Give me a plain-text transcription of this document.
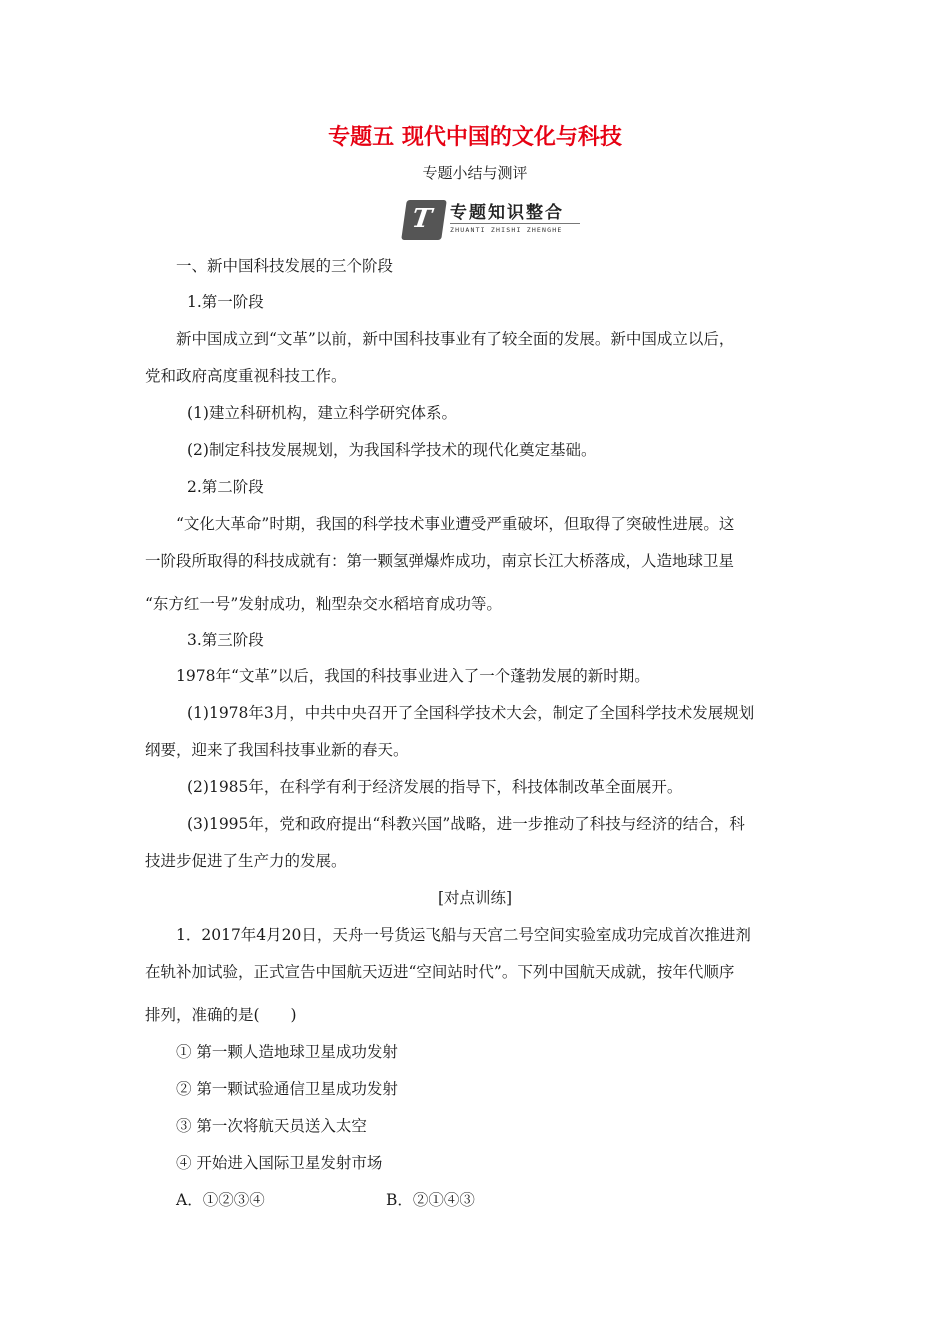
专题五 现代中国的文化与科技
专题小结与测评
T 专题知识整合
ZHUANTI ZHISHI ZHENGHE
一、新中国科技发展的三个阶段
1.第一阶段
新中国成立到“文革”以前，新中国科技事业有了较全面的发展。新中国成立以后，
党和政府高度重视科技工作。
(1)建立科研机构，建立科学研究体系。
(2)制定科技发展规划，为我国科学技术的现代化奠定基础。
2.第二阶段
“文化大革命”时期，我国的科学技术事业遭受严重破坏，但取得了突破性进展。这
一阶段所取得的科技成就有：第一颗氢弹爆炸成功，南京长江大桥落成，人造地球卫星
“东方红一号”发射成功，籼型杂交水稻培育成功等。
3.第三阶段
1978年“文革”以后，我国的科技事业进入了一个蓬勃发展的新时期。
(1)1978年3月，中共中央召开了全国科学技术大会，制定了全国科学技术发展规划
纲要，迎来了我国科技事业新的春天。
(2)1985年，在科学有利于经济发展的指导下，科技体制改革全面展开。
(3)1995年，党和政府提出“科教兴国”战略，进一步推动了科技与经济的结合，科
技进步促进了生产力的发展。
[对点训练]
1．2017年4月20日，天舟一号货运飞船与天宫二号空间实验室成功完成首次推进剂
在轨补加试验，正式宣告中国航天迈进“空间站时代”。下列中国航天成就，按年代顺序
排列，准确的是(　　)
① 第一颗人造地球卫星成功发射
② 第一颗试验通信卫星成功发射
③ 第一次将航天员送入太空
④ 开始进入国际卫星发射市场
A．①②③④	B．②①④③
